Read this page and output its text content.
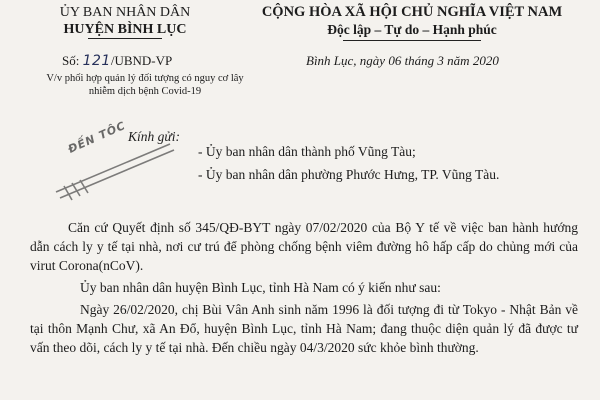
ỦY BAN NHÂN DÂN
HUYỆN BÌNH LỤC
CỘNG HÒA XÃ HỘI CHỦ NGHĨA VIỆT NAM
Độc lập – Tự do – Hạnh phúc
Số: 121/UBND-VP
V/v phối hợp quản lý đối tượng có nguy cơ lây nhiễm dịch bệnh Covid-19
Bình Lục, ngày 06 tháng 3 năm 2020
ĐẾN TÔC Kính gửi:
- Ủy ban nhân dân thành phố Vũng Tàu;
- Ủy ban nhân dân phường Phước Hưng, TP. Vũng Tàu.
Căn cứ Quyết định số 345/QĐ-BYT ngày 07/02/2020 của Bộ Y tế về việc ban hành hướng dẫn cách ly y tế tại nhà, nơi cư trú để phòng chống bệnh viêm đường hô hấp cấp do chủng mới của virut Corona(nCoV).
Ủy ban nhân dân huyện Bình Lục, tỉnh Hà Nam có ý kiến như sau:
Ngày 26/02/2020, chị Bùi Vân Anh sinh năm 1996 là đối tượng đi từ Tokyo - Nhật Bản về tại thôn Mạnh Chư, xã An Đổ, huyện Bình Lục, tỉnh Hà Nam; đang thuộc diện quản lý đã được tư vấn theo dõi, cách ly y tế tại nhà. Đến chiều ngày 04/3/2020 sức khỏe bình thường.
